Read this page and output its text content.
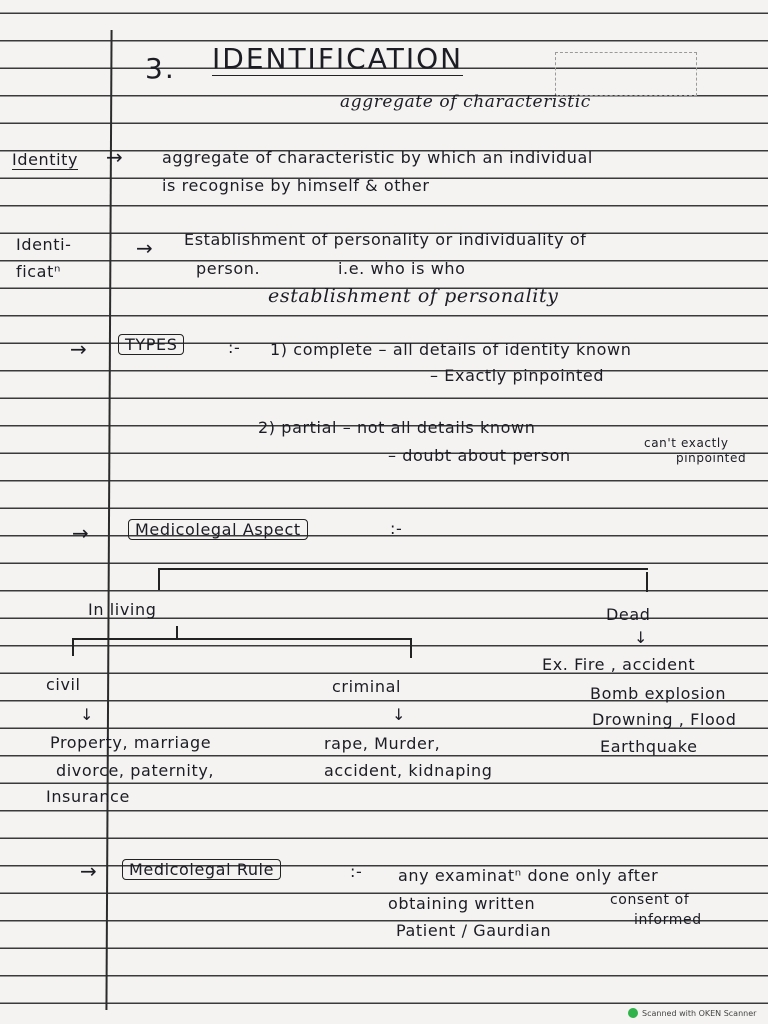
3. IDENTIFICATION
aggregate of characteristic
Identity → aggregate of characteristic by which an individual
is recognise by himself & other
Identi-
ficatⁿ
→ Establishment of personality or individuality of
person.	i.e. who is who
establishment of personality
→	TYPES	:- 1) complete – all details of identity known
– Exactly pinpointed
2) partial – not all details known
can't exactly
– doubt about person	pinpointed
→	Medicolegal Aspect	:-
In living	Dead
↓
Ex. Fire , accident
Bomb explosion
Drowning , Flood
Earthquake
civil
↓
criminal
↓
Property, marriage
divorce, paternity,
Insurance
rape, Murder,
accident, kidnaping
→	Medicolegal Rule	:- any examinatⁿ done only after
obtaining written	consent of
Patient / Gaurdian
informed
Scanned with OKEN Scanner
